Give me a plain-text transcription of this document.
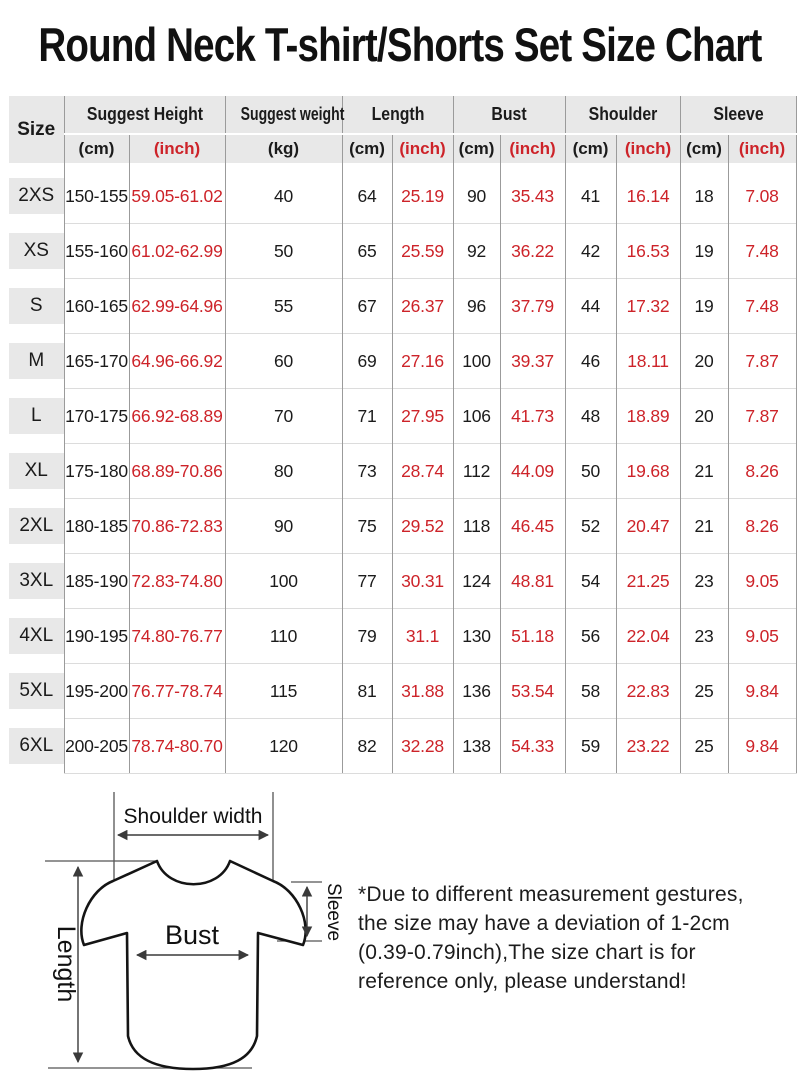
Round Neck T-shirt/Shorts Set Size Chart
Size	Suggest Height		Suggest weight	Length		Bust		Shoulder		Sleeve	
	(cm)	(inch)	(kg)	(cm)	(inch)	(cm)	(inch)	(cm)	(inch)	(cm)	(inch)

2XS	150-155	59.05-61.02	40	64	25.19	90	35.43	41	16.14	18	7.08

XS	155-160	61.02-62.99	50	65	25.59	92	36.22	42	16.53	19	7.48

S	160-165	62.99-64.96	55	67	26.37	96	37.79	44	17.32	19	7.48

M	165-170	64.96-66.92	60	69	27.16	100	39.37	46	18.11	20	7.87

L	170-175	66.92-68.89	70	71	27.95	106	41.73	48	18.89	20	7.87

XL	175-180	68.89-70.86	80	73	28.74	112	44.09	50	19.68	21	8.26

2XL	180-185	70.86-72.83	90	75	29.52	118	46.45	52	20.47	21	8.26

3XL	185-190	72.83-74.80	100	77	30.31	124	48.81	54	21.25	23	9.05

4XL	190-195	74.80-76.77	110	79	31.1	130	51.18	56	22.04	23	9.05

5XL	195-200	76.77-78.74	115	81	31.88	136	53.54	58	22.83	25	9.84

6XL	200-205	78.74-80.70	120	82	32.28	138	54.33	59	23.22	25	9.84
Shoulder width
Length	Bust	Sleeve *Due to different measurement gestures,
the size may have a deviation of 1-2cm
(0.39-0.79inch),The size chart is for
reference only, please understand!
